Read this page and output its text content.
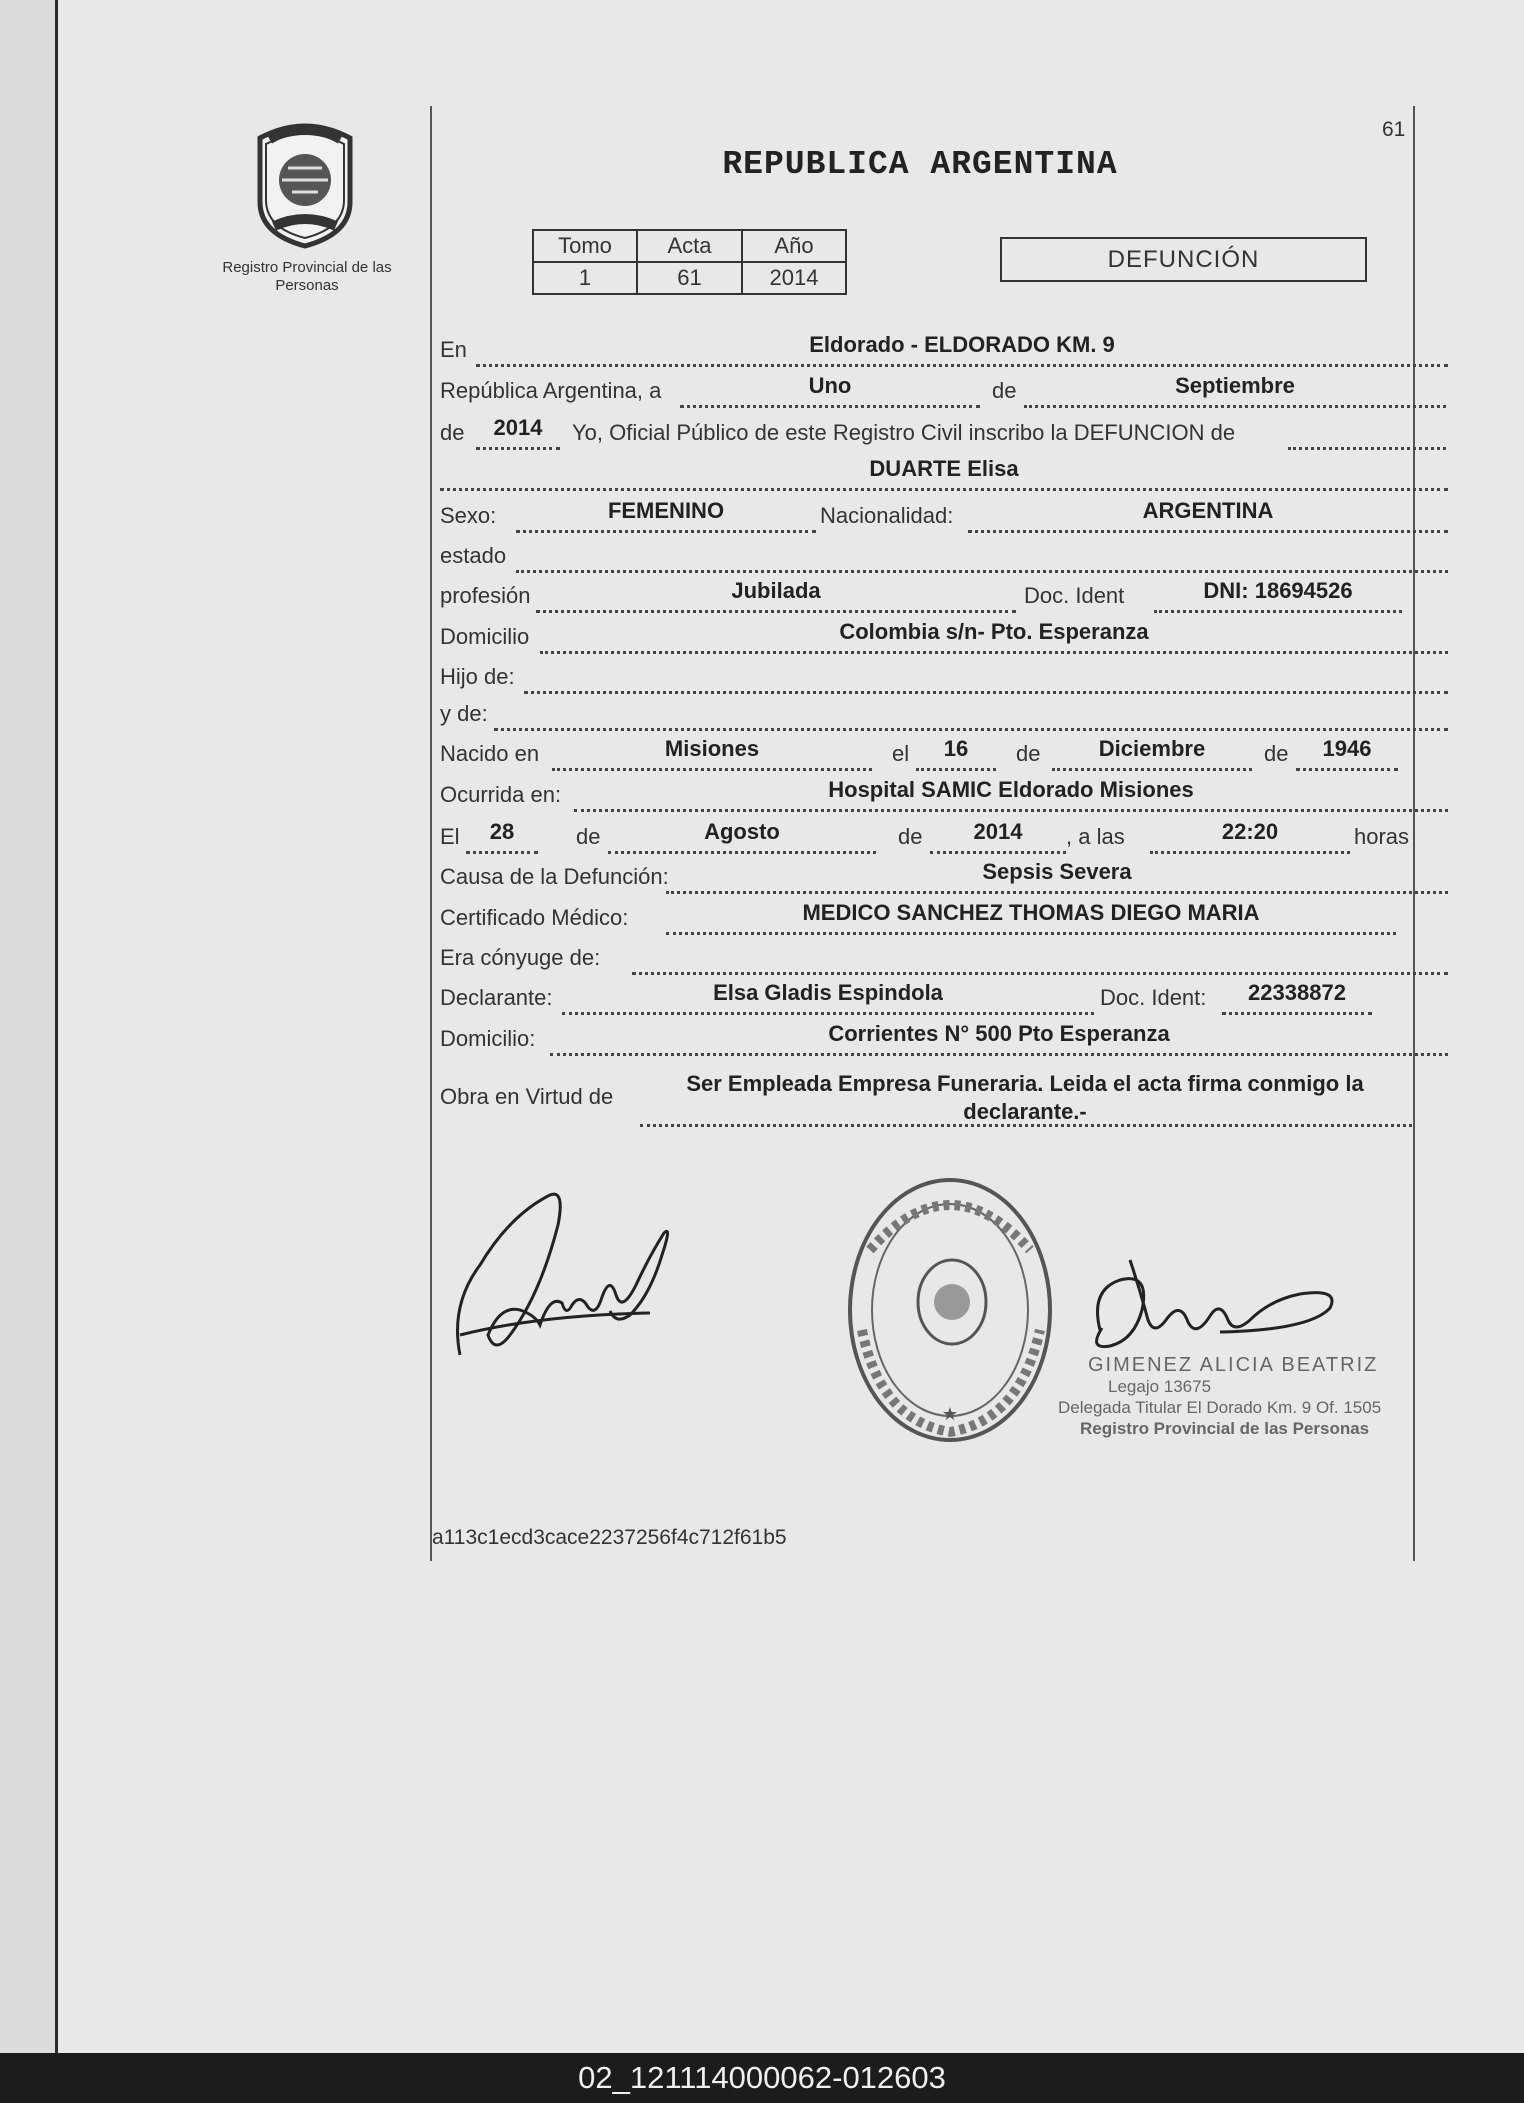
Registro Provincial de las Personas
REPUBLICA ARGENTINA
61
Tomo	Acta	Año
1	61	2014
DEFUNCIÓN
En	Eldorado - ELDORADO KM. 9
República Argentina, a	Uno	de	Septiembre
de	2014	Yo, Oficial Público de este Registro Civil inscribo la DEFUNCION de
DUARTE Elisa
Sexo:	FEMENINO	Nacionalidad:	ARGENTINA
estado
profesión	Jubilada	Doc. Ident	DNI: 18694526
Domicilio	Colombia s/n- Pto. Esperanza
Hijo de:
y de:
Nacido en	Misiones	el	16	de	Diciembre	de	1946
Ocurrida en:	Hospital SAMIC Eldorado Misiones
El	28	de	Agosto	de	2014	, a las	22:20	horas
Causa de la Defunción:	Sepsis Severa
Certificado Médico:	MEDICO SANCHEZ THOMAS DIEGO MARIA
Era cónyuge de:
Declarante:	Elsa Gladis Espindola	Doc. Ident:	22338872
Domicilio:	Corrientes N° 500 Pto Esperanza
Obra en Virtud de
Ser Empleada Empresa Funeraria. Leida el acta firma conmigo la declarante.-
★
GIMENEZ ALICIA BEATRIZ
Legajo 13675
Delegada Titular El Dorado Km. 9 Of. 1505
Registro Provincial de las Personas
a113c1ecd3cace2237256f4c712f61b5
02_121114000062-012603
